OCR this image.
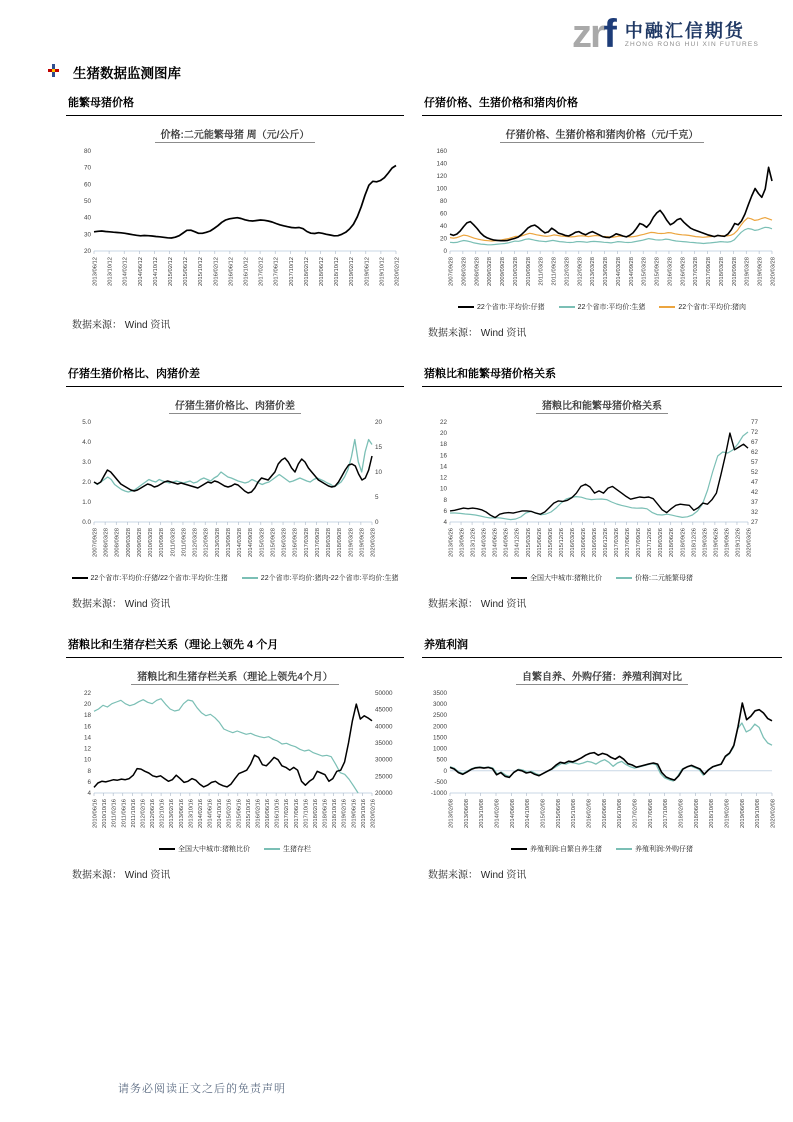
zrf 中融汇信期货
ZHONG RONG HUI XIN FUTURES
生猪数据监测图库
能繁母猪价格
价格:二元能繁母猪 周（元/公斤）
80
70
60
50
40
30
20
2013/06/12 2013/10/12 2014/02/12 2014/06/12 2014/10/12 2015/02/12 2015/06/12 2015/10/12 2016/02/12 2016/06/12 2016/10/12 2017/02/12 2017/06/12 2017/10/12 2018/02/12 2018/06/12 2018/10/12 2019/02/12 2019/06/12 2019/10/12 2020/02/12
数据来源： Wind 资讯
仔猪价格、生猪价格和猪肉价格
仔猪价格、生猪价格和猪肉价格（元/千克）
160
140
120
100
80
60
40
20
0
2007/09/28 2008/03/28 2008/09/28 2009/03/28 2009/09/28 2010/03/28 2010/09/28 2011/03/28 2011/09/28 2012/03/28 2012/09/28 2013/03/28 2013/09/28 2014/03/28 2014/09/28 2015/03/28 2015/09/28 2016/03/28 2016/09/28 2017/03/28 2017/09/28 2018/03/28 2018/09/28 2019/03/28 2019/09/28 2020/03/28
22个省市:平均价:仔猪	22个省市:平均价:生猪	22个省市:平均价:猪肉
数据来源： Wind 资讯
仔猪生猪价格比、肉猪价差
仔猪生猪价格比、肉猪价差
5.0
4.0
3.0
2.0
1.0
0.0
20
15
10
5
0
2007/09/28 2008/03/28 2008/09/28 2009/03/28 2009/09/28 2010/03/28 2010/09/28 2011/03/28 2011/09/28 2012/03/28 2012/09/28 2013/03/28 2013/09/28 2014/03/28 2014/09/28 2015/03/28 2015/09/28 2016/03/28 2016/09/28 2017/03/28 2017/09/28 2018/03/28 2018/09/28 2019/03/28 2019/09/28 2020/03/28
22个省市:平均价:仔猪/22个省市:平均价:生猪	22个省市:平均价:猪肉-22个省市:平均价:生猪
数据来源： Wind 资讯
猪粮比和能繁母猪价格关系
猪粮比和能繁母猪价格关系
22
20
18
16
14
12
10
8
6
4
77
72
67
62
57
52
47
42
37
32
27
2013/06/26 2013/09/26 2013/12/26 2014/03/26 2014/06/26 2014/09/26 2014/12/26 2015/03/26 2015/06/26 2015/09/26 2015/12/26 2016/03/26 2016/06/26 2016/09/26 2016/12/26 2017/03/26 2017/06/26 2017/09/26 2017/12/26 2018/03/26 2018/06/26 2018/09/26 2018/12/26 2019/03/26 2019/06/26 2019/09/26 2019/12/26 2020/03/26
全国大中城市:猪粮比价	价格:二元能繁母猪
数据来源： Wind 资讯
猪粮比和生猪存栏关系（理论上领先 4 个月
猪粮比和生猪存栏关系（理论上领先4个月）
22
20
18
16
14
12
10
8
6
4
50000
45000
40000
35000
30000
25000
20000
2010/06/16 2010/10/16 2011/02/16 2011/06/16 2011/10/16 2012/02/16 2012/06/16 2012/10/16 2013/02/16 2013/06/16 2013/10/16 2014/02/16 2014/06/16 2014/10/16 2015/02/16 2015/06/16 2015/10/16 2016/02/16 2016/06/16 2016/10/16 2017/02/16 2017/06/16 2017/10/16 2018/02/16 2018/06/16 2018/10/16 2019/02/16 2019/06/16 2019/10/16 2020/02/16
全国大中城市:猪粮比价	生猪存栏
数据来源： Wind 资讯
养殖利润
自繁自养、外购仔猪：养殖利润对比
3500
3000
2500
2000
1500
1000
500
0
-500
-1000
2013/02/08 2013/06/08 2013/10/08 2014/02/08 2014/06/08 2014/10/08 2015/02/08 2015/06/08 2015/10/08 2016/02/08 2016/06/08 2016/10/08 2017/02/08 2017/06/08 2017/10/08 2018/02/08 2018/06/08 2018/10/08 2019/02/08 2019/06/08 2019/10/08 2020/02/08
养殖利润:自繁自养生猪	养殖利润:外购仔猪
数据来源： Wind 资讯
请务必阅读正文之后的免责声明
